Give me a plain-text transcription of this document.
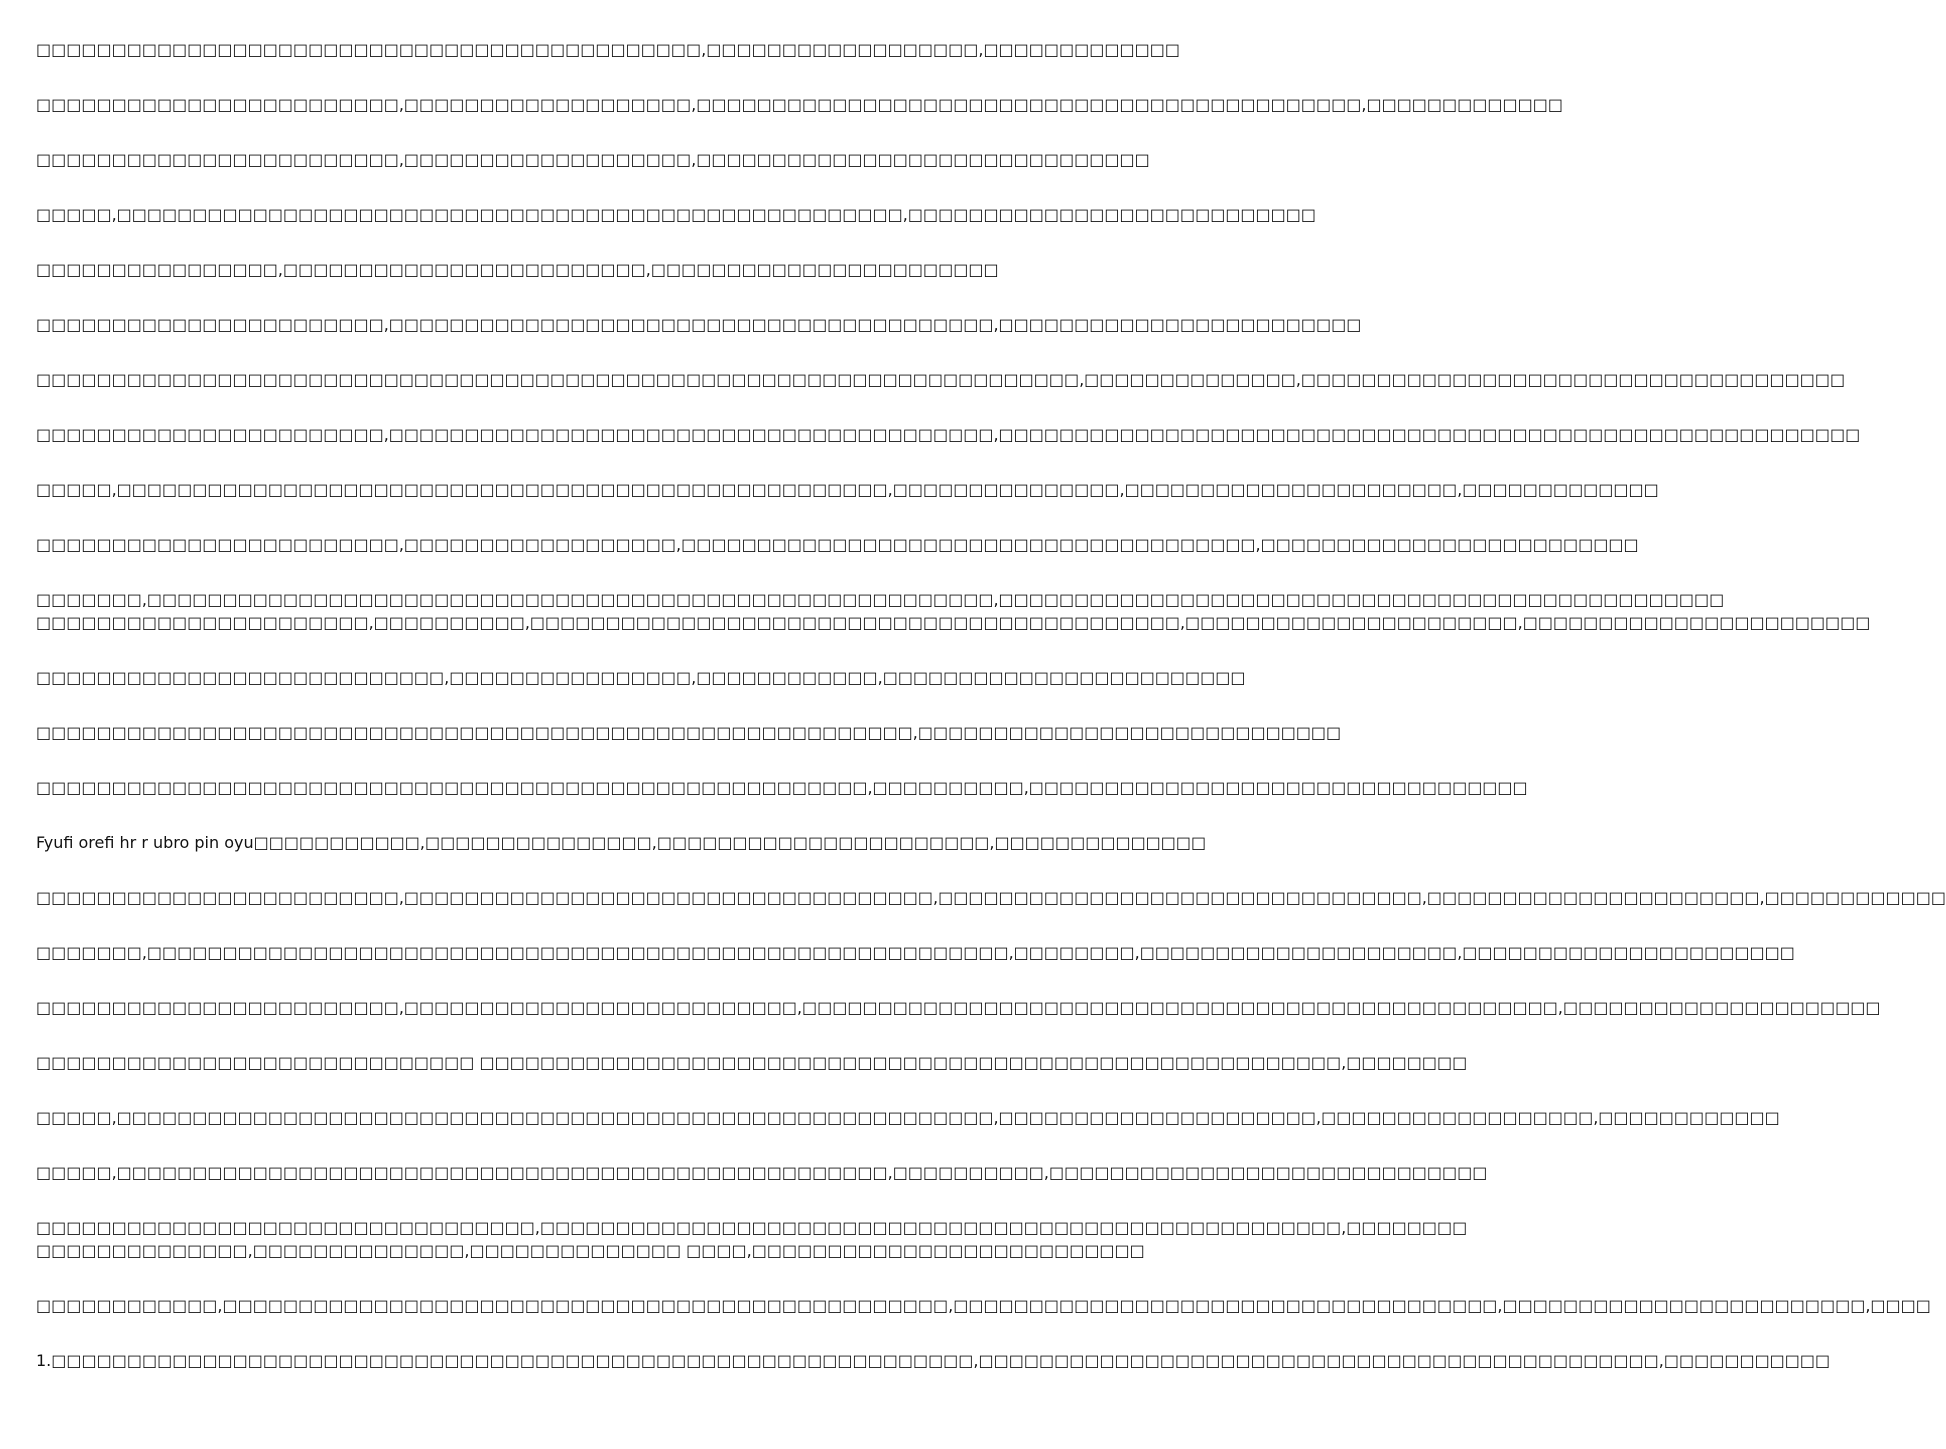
□□□□□□□□□□□□□□□□□□□□□□□□□□□□□□□□□□□□□□□□□□□□,□□□□□□□□□□□□□□□□□□,□□□□□□□□□□□□□
□□□□□□□□□□□□□□□□□□□□□□□□,□□□□□□□□□□□□□□□□□□□,□□□□□□□□□□□□□□□□□□□□□□□□□□□□□□□□□□□□□□□□□□□□,□□□□□□□□□□□□□
□□□□□□□□□□□□□□□□□□□□□□□□,□□□□□□□□□□□□□□□□□□□,□□□□□□□□□□□□□□□□□□□□□□□□□□□□□□
□□□□□,□□□□□□□□□□□□□□□□□□□□□□□□□□□□□□□□□□□□□□□□□□□□□□□□□□□□,□□□□□□□□□□□□□□□□□□□□□□□□□□□
□□□□□□□□□□□□□□□□,□□□□□□□□□□□□□□□□□□□□□□□□,□□□□□□□□□□□□□□□□□□□□□□□
□□□□□□□□□□□□□□□□□□□□□□□,□□□□□□□□□□□□□□□□□□□□□□□□□□□□□□□□□□□□□□□□,□□□□□□□□□□□□□□□□□□□□□□□□
□□□□□□□□□□□□□□□□□□□□□□□□□□□□□□□□□□□□□□□□□□□□□□□□□□□□□□□□□□□□□□□□□□□□□,□□□□□□□□□□□□□□,□□□□□□□□□□□□□□□□□□□□□□□□□□□□□□□□□□□□
□□□□□□□□□□□□□□□□□□□□□□□,□□□□□□□□□□□□□□□□□□□□□□□□□□□□□□□□□□□□□□□□,□□□□□□□□□□□□□□□□□□□□□□□□□□□□□□□□□□□□□□□□□□□□□□□□□□□□□□□□□
□□□□□,□□□□□□□□□□□□□□□□□□□□□□□□□□□□□□□□□□□□□□□□□□□□□□□□□□□,□□□□□□□□□□□□□□□,□□□□□□□□□□□□□□□□□□□□□□,□□□□□□□□□□□□□
□□□□□□□□□□□□□□□□□□□□□□□□,□□□□□□□□□□□□□□□□□□,□□□□□□□□□□□□□□□□□□□□□□□□□□□□□□□□□□□□□□,□□□□□□□□□□□□□□□□□□□□□□□□□
□□□□□□□,□□□□□□□□□□□□□□□□□□□□□□□□□□□□□□□□□□□□□□□□□□□□□□□□□□□□□□□□,□□□□□□□□□□□□□□□□□□□□□□□□□□□□□□□□□□□□□□□□□□□□□□□□
□□□□□□□□□□□□□□□□□□□□□□,□□□□□□□□□□,□□□□□□□□□□□□□□□□□□□□□□□□□□□□□□□□□□□□□□□□□□□,□□□□□□□□□□□□□□□□□□□□□□,□□□□□□□□□□□□□□□□□□□□□□□
□□□□□□□□□□□□□□□□□□□□□□□□□□□,□□□□□□□□□□□□□□□□,□□□□□□□□□□□□,□□□□□□□□□□□□□□□□□□□□□□□□
□□□□□□□□□□□□□□□□□□□□□□□□□□□□□□□□□□□□□□□□□□□□□□□□□□□□□□□□□□,□□□□□□□□□□□□□□□□□□□□□□□□□□□□
□□□□□□□□□□□□□□□□□□□□□□□□□□□□□□□□□□□□□□□□□□□□□□□□□□□□□□□,□□□□□□□□□□,□□□□□□□□□□□□□□□□□□□□□□□□□□□□□□□□□
Fyufi orefi hr r ubro pin oyu□□□□□□□□□□□,□□□□□□□□□□□□□□□,□□□□□□□□□□□□□□□□□□□□□□,□□□□□□□□□□□□□□
□□□□□□□□□□□□□□□□□□□□□□□□,□□□□□□□□□□□□□□□□□□□□□□□□□□□□□□□□□□□,□□□□□□□□□□□□□□□□□□□□□□□□□□□□□□□□,□□□□□□□□□□□□□□□□□□□□□□,□□□□□□□□□□□□
□□□□□□□,□□□□□□□□□□□□□□□□□□□□□□□□□□□□□□□□□□□□□□□□□□□□□□□□□□□□□□□□□,□□□□□□□□,□□□□□□□□□□□□□□□□□□□□□,□□□□□□□□□□□□□□□□□□□□□□
□□□□□□□□□□□□□□□□□□□□□□□□,□□□□□□□□□□□□□□□□□□□□□□□□□□,□□□□□□□□□□□□□□□□□□□□□□□□□□□□□□□□□□□□□□□□□□□□□□□□□□,□□□□□□□□□□□□□□□□□□□□□
□□□□□□□□□□□□□□□□□□□□□□□□□□□□□ □□□□□□□□□□□□□□□□□□□□□□□□□□□□□□□□□□□□□□□□□□□□□□□□□□□□□□□□□,□□□□□□□□
□□□□□,□□□□□□□□□□□□□□□□□□□□□□□□□□□□□□□□□□□□□□□□□□□□□□□□□□□□□□□□□□,□□□□□□□□□□□□□□□□□□□□□,□□□□□□□□□□□□□□□□□□,□□□□□□□□□□□□
□□□□□,□□□□□□□□□□□□□□□□□□□□□□□□□□□□□□□□□□□□□□□□□□□□□□□□□□□,□□□□□□□□□□,□□□□□□□□□□□□□□□□□□□□□□□□□□□□□
□□□□□□□□□□□□□□□□□□□□□□□□□□□□□□□□□,□□□□□□□□□□□□□□□□□□□□□□□□□□□□□□□□□□□□□□□□□□□□□□□□□□□□□,□□□□□□□□
□□□□□□□□□□□□□□,□□□□□□□□□□□□□□,□□□□□□□□□□□□□□ □□□□,□□□□□□□□□□□□□□□□□□□□□□□□□□
□□□□□□□□□□□□,□□□□□□□□□□□□□□□□□□□□□□□□□□□□□□□□□□□□□□□□□□□□□□□□,□□□□□□□□□□□□□□□□□□□□□□□□□□□□□□□□□□□□,□□□□□□□□□□□□□□□□□□□□□□□□,□□□□
1.□□□□□□□□□□□□□□□□□□□□□□□□□□□□□□□□□□□□□□□□□□□□□□□□□□□□□□□□□□□□□,□□□□□□□□□□□□□□□□□□□□□□□□□□□□□□□□□□□□□□□□□□□□□,□□□□□□□□□□□
